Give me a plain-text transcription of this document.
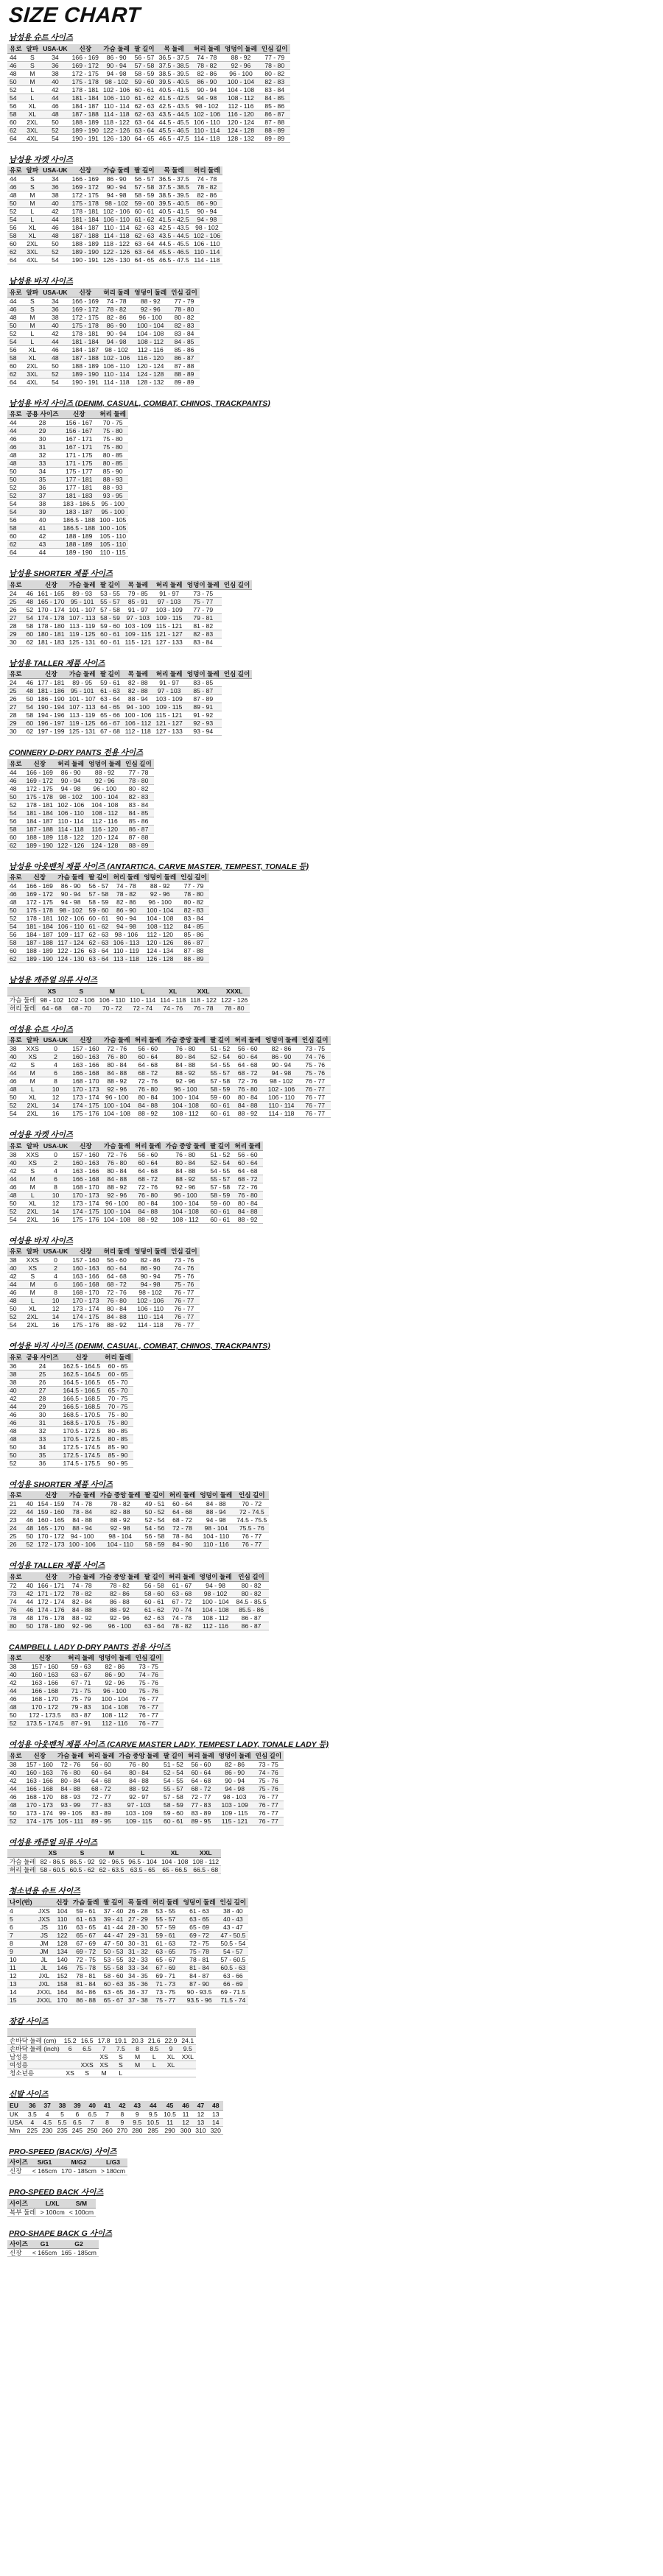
SIZE CHART
남성용 슈트 사이즈
유로	알파	USA-UK	신장	가슴 둘레	팔 길이	목 둘레	허리 둘레	엉덩이 둘레	인심 길이
44	S	34	166 - 169	86 - 90	56 - 57	36.5 - 37.5	74 - 78	88 - 92	77 - 79
46	S	36	169 - 172	90 - 94	57 - 58	37.5 - 38.5	78 - 82	92 - 96	78 - 80
48	M	38	172 - 175	94 - 98	58 - 59	38.5 - 39.5	82 - 86	96 - 100	80 - 82
50	M	40	175 - 178	98 - 102	59 - 60	39.5 - 40.5	86 - 90	100 - 104	82 - 83
52	L	42	178 - 181	102 - 106	60 - 61	40.5 - 41.5	90 - 94	104 - 108	83 - 84
54	L	44	181 - 184	106 - 110	61 - 62	41.5 - 42.5	94 - 98	108 - 112	84 - 85
56	XL	46	184 - 187	110 - 114	62 - 63	42.5 - 43.5	98 - 102	112 - 116	85 - 86
58	XL	48	187 - 188	114 - 118	62 - 63	43.5 - 44.5	102 - 106	116 - 120	86 - 87
60	2XL	50	188 - 189	118 - 122	63 - 64	44.5 - 45.5	106 - 110	120 - 124	87 - 88
62	3XL	52	189 - 190	122 - 126	63 - 64	45.5 - 46.5	110 - 114	124 - 128	88 - 89
64	4XL	54	190 - 191	126 - 130	64 - 65	46.5 - 47.5	114 - 118	128 - 132	89 - 89
남성용 자켓 사이즈
유로	알파	USA-UK	신장	가슴 둘레	팔 길이	목 둘레	허리 둘레
44	S	34	166 - 169	86 - 90	56 - 57	36.5 - 37.5	74 - 78
46	S	36	169 - 172	90 - 94	57 - 58	37.5 - 38.5	78 - 82
48	M	38	172 - 175	94 - 98	58 - 59	38.5 - 39.5	82 - 86
50	M	40	175 - 178	98 - 102	59 - 60	39.5 - 40.5	86 - 90
52	L	42	178 - 181	102 - 106	60 - 61	40.5 - 41.5	90 - 94
54	L	44	181 - 184	106 - 110	61 - 62	41.5 - 42.5	94 - 98
56	XL	46	184 - 187	110 - 114	62 - 63	42.5 - 43.5	98 - 102
58	XL	48	187 - 188	114 - 118	62 - 63	43.5 - 44.5	102 - 106
60	2XL	50	188 - 189	118 - 122	63 - 64	44.5 - 45.5	106 - 110
62	3XL	52	189 - 190	122 - 126	63 - 64	45.5 - 46.5	110 - 114
64	4XL	54	190 - 191	126 - 130	64 - 65	46.5 - 47.5	114 - 118
남성용 바지 사이즈
유로	알파	USA-UK	신장	허리 둘레	엉덩이 둘레	인심 길이
44	S	34	166 - 169	74 - 78	88 - 92	77 - 79
46	S	36	169 - 172	78 - 82	92 - 96	78 - 80
48	M	38	172 - 175	82 - 86	96 - 100	80 - 82
50	M	40	175 - 178	86 - 90	100 - 104	82 - 83
52	L	42	178 - 181	90 - 94	104 - 108	83 - 84
54	L	44	181 - 184	94 - 98	108 - 112	84 - 85
56	XL	46	184 - 187	98 - 102	112 - 116	85 - 86
58	XL	48	187 - 188	102 - 106	116 - 120	86 - 87
60	2XL	50	188 - 189	106 - 110	120 - 124	87 - 88
62	3XL	52	189 - 190	110 - 114	124 - 128	88 - 89
64	4XL	54	190 - 191	114 - 118	128 - 132	89 - 89
남성용 바지 사이즈 (DENIM, CASUAL, COMBAT, CHINOS, TRACKPANTS)
유로	공용 사이즈	신장	허리 둘레
44	28	156 - 167	70 - 75
44	29	156 - 167	75 - 80
46	30	167 - 171	75 - 80
46	31	167 - 171	75 - 80
48	32	171 - 175	80 - 85
48	33	171 - 175	80 - 85
50	34	175 - 177	85 - 90
50	35	177 - 181	88 - 93
52	36	177 - 181	88 - 93
52	37	181 - 183	93 - 95
54	38	183 - 186.5	95 - 100
54	39	183 - 187	95 - 100
56	40	186.5 - 188	100 - 105
58	41	186.5 - 188	100 - 105
60	42	188 - 189	105 - 110
62	43	188 - 189	105 - 110
64	44	189 - 190	110 - 115
남성용 SHORTER 제품 사이즈
유로		신장	가슴 둘레	팔 길이	목 둘레	허리 둘레	엉덩이 둘레	인심 길이
24	46	161 - 165	89 - 93	53 - 55	79 - 85	91 - 97	73 - 75	
25	48	165 - 170	95 - 101	55 - 57	85 - 91	97 - 103	75 - 77	
26	52	170 - 174	101 - 107	57 - 58	91 - 97	103 - 109	77 - 79	
27	54	174 - 178	107 - 113	58 - 59	97 - 103	109 - 115	79 - 81	
28	58	178 - 180	113 - 119	59 - 60	103 - 109	115 - 121	81 - 82	
29	60	180 - 181	119 - 125	60 - 61	109 - 115	121 - 127	82 - 83	
30	62	181 - 183	125 - 131	60 - 61	115 - 121	127 - 133	83 - 84	
남성용 TALLER 제품 사이즈
유로		신장	가슴 둘레	팔 길이	목 둘레	허리 둘레	엉덩이 둘레	인심 길이
24	46	177 - 181	89 - 95	59 - 61	82 - 88	91 - 97	83 - 85	
25	48	181 - 186	95 - 101	61 - 63	82 - 88	97 - 103	85 - 87	
26	50	186 - 190	101 - 107	63 - 64	88 - 94	103 - 109	87 - 89	
27	54	190 - 194	107 - 113	64 - 65	94 - 100	109 - 115	89 - 91	
28	58	194 - 196	113 - 119	65 - 66	100 - 106	115 - 121	91 - 92	
29	60	196 - 197	119 - 125	66 - 67	106 - 112	121 - 127	92 - 93	
30	62	197 - 199	125 - 131	67 - 68	112 - 118	127 - 133	93 - 94	
CONNERY D-DRY PANTS 전용 사이즈
유로	신장	허리 둘레	엉덩이 둘레	인심 길이
44	166 - 169	86 - 90	88 - 92	77 - 78
46	169 - 172	90 - 94	92 - 96	78 - 80
48	172 - 175	94 - 98	96 - 100	80 - 82
50	175 - 178	98 - 102	100 - 104	82 - 83
52	178 - 181	102 - 106	104 - 108	83 - 84
54	181 - 184	106 - 110	108 - 112	84 - 85
56	184 - 187	110 - 114	112 - 116	85 - 86
58	187 - 188	114 - 118	116 - 120	86 - 87
60	188 - 189	118 - 122	120 - 124	87 - 88
62	189 - 190	122 - 126	124 - 128	88 - 89
남성용 아웃벤처 제품 사이즈 (ANTARTICA, CARVE MASTER, TEMPEST, TONALE 등)
유로	신장	가슴 둘레	팔 길이	허리 둘레	엉덩이 둘레	인심 길이
44	166 - 169	86 - 90	56 - 57	74 - 78	88 - 92	77 - 79
46	169 - 172	90 - 94	57 - 58	78 - 82	92 - 96	78 - 80
48	172 - 175	94 - 98	58 - 59	82 - 86	96 - 100	80 - 82
50	175 - 178	98 - 102	59 - 60	86 - 90	100 - 104	82 - 83
52	178 - 181	102 - 106	60 - 61	90 - 94	104 - 108	83 - 84
54	181 - 184	106 - 110	61 - 62	94 - 98	108 - 112	84 - 85
56	184 - 187	109 - 117	62 - 63	98 - 106	112 - 120	85 - 86
58	187 - 188	117 - 124	62 - 63	106 - 113	120 - 126	86 - 87
60	188 - 189	122 - 126	63 - 64	110 - 119	124 - 134	87 - 88
62	189 - 190	124 - 130	63 - 64	113 - 118	126 - 128	88 - 89
남성용 캐쥬얼 의류 사이즈
	XS	S	M	L	XL	XXL	XXXL
가슴 둘레	98 - 102	102 - 106	106 - 110	110 - 114	114 - 118	118 - 122	122 - 126
허리 둘레	64 - 68	68 - 70	70 - 72	72 - 74	74 - 76	76 - 78	78 - 80
여성용 슈트 사이즈
유로	알파	USA-UK	신장	가슴 둘레	허리 둘레	가슴 중앙 둘레	팔 길이	허리 둘레	엉덩이 둘레	인심 길이
38	XXS	0	157 - 160	72 - 76	56 - 60	76 - 80	51 - 52	56 - 60	82 - 86	73 - 75
40	XS	2	160 - 163	76 - 80	60 - 64	80 - 84	52 - 54	60 - 64	86 - 90	74 - 76
42	S	4	163 - 166	80 - 84	64 - 68	84 - 88	54 - 55	64 - 68	90 - 94	75 - 76
44	M	6	166 - 168	84 - 88	68 - 72	88 - 92	55 - 57	68 - 72	94 - 98	75 - 76
46	M	8	168 - 170	88 - 92	72 - 76	92 - 96	57 - 58	72 - 76	98 - 102	76 - 77
48	L	10	170 - 173	92 - 96	76 - 80	96 - 100	58 - 59	76 - 80	102 - 106	76 - 77
50	XL	12	173 - 174	96 - 100	80 - 84	100 - 104	59 - 60	80 - 84	106 - 110	76 - 77
52	2XL	14	174 - 175	100 - 104	84 - 88	104 - 108	60 - 61	84 - 88	110 - 114	76 - 77
54	2XL	16	175 - 176	104 - 108	88 - 92	108 - 112	60 - 61	88 - 92	114 - 118	76 - 77
여성용 자켓 사이즈
유로	알파	USA-UK	신장	가슴 둘레	허리 둘레	가슴 중앙 둘레	팔 길이	허리 둘레
38	XXS	0	157 - 160	72 - 76	56 - 60	76 - 80	51 - 52	56 - 60
40	XS	2	160 - 163	76 - 80	60 - 64	80 - 84	52 - 54	60 - 64
42	S	4	163 - 166	80 - 84	64 - 68	84 - 88	54 - 55	64 - 68
44	M	6	166 - 168	84 - 88	68 - 72	88 - 92	55 - 57	68 - 72
46	M	8	168 - 170	88 - 92	72 - 76	92 - 96	57 - 58	72 - 76
48	L	10	170 - 173	92 - 96	76 - 80	96 - 100	58 - 59	76 - 80
50	XL	12	173 - 174	96 - 100	80 - 84	100 - 104	59 - 60	80 - 84
52	2XL	14	174 - 175	100 - 104	84 - 88	104 - 108	60 - 61	84 - 88
54	2XL	16	175 - 176	104 - 108	88 - 92	108 - 112	60 - 61	88 - 92
여성용 바지 사이즈
유로	알파	USA-UK	신장	허리 둘레	엉덩이 둘레	인심 길이
38	XXS	0	157 - 160	56 - 60	82 - 86	73 - 76
40	XS	2	160 - 163	60 - 64	86 - 90	74 - 76
42	S	4	163 - 166	64 - 68	90 - 94	75 - 76
44	M	6	166 - 168	68 - 72	94 - 98	75 - 76
46	M	8	168 - 170	72 - 76	98 - 102	76 - 77
48	L	10	170 - 173	76 - 80	102 - 106	76 - 77
50	XL	12	173 - 174	80 - 84	106 - 110	76 - 77
52	2XL	14	174 - 175	84 - 88	110 - 114	76 - 77
54	2XL	16	175 - 176	88 - 92	114 - 118	76 - 77
여성용 바지 사이즈 (DENIM, CASUAL, COMBAT, CHINOS, TRACKPANTS)
유로	공용 사이즈	신장	허리 둘레
36	24	162.5 - 164.5	60 - 65
38	25	162.5 - 164.5	60 - 65
38	26	164.5 - 166.5	65 - 70
40	27	164.5 - 166.5	65 - 70
42	28	166.5 - 168.5	70 - 75
44	29	166.5 - 168.5	70 - 75
46	30	168.5 - 170.5	75 - 80
46	31	168.5 - 170.5	75 - 80
48	32	170.5 - 172.5	80 - 85
48	33	170.5 - 172.5	80 - 85
50	34	172.5 - 174.5	85 - 90
50	35	172.5 - 174.5	85 - 90
52	36	174.5 - 175.5	90 - 95
여성용 SHORTER 제품 사이즈
유로		신장	가슴 둘레	가슴 중앙 둘레	팔 길이	허리 둘레	엉덩이 둘레	인심 길이
21	40	154 - 159	74 - 78	78 - 82	49 - 51	60 - 64	84 - 88	70 - 72
22	44	159 - 160	78 - 84	82 - 88	50 - 52	64 - 68	88 - 94	72 - 74.5
23	46	160 - 165	84 - 88	88 - 92	52 - 54	68 - 72	94 - 98	74.5 - 75.5
24	48	165 - 170	88 - 94	92 - 98	54 - 56	72 - 78	98 - 104	75.5 - 76
25	50	170 - 172	94 - 100	98 - 104	56 - 58	78 - 84	104 - 110	76 - 77
26	52	172 - 173	100 - 106	104 - 110	58 - 59	84 - 90	110 - 116	76 - 77
여성용 TALLER 제품 사이즈
유로		신장	가슴 둘레	가슴 중앙 둘레	팔 길이	허리 둘레	엉덩이 둘레	인심 길이
72	40	166 - 171	74 - 78	78 - 82	56 - 58	61 - 67	94 - 98	80 - 82
73	42	171 - 172	78 - 82	82 - 86	58 - 60	63 - 68	98 - 102	80 - 82
74	44	172 - 174	82 - 84	86 - 88	60 - 61	67 - 72	100 - 104	84.5 - 85.5
76	46	174 - 176	84 - 88	88 - 92	61 - 62	70 - 74	104 - 108	85.5 - 86
78	48	176 - 178	88 - 92	92 - 96	62 - 63	74 - 78	108 - 112	86 - 87
80	50	178 - 180	92 - 96	96 - 100	63 - 64	78 - 82	112 - 116	86 - 87
CAMPBELL LADY D-DRY PANTS 전용 사이즈
유로	신장	허리 둘레	엉덩이 둘레	인심 길이
38	157 - 160	59 - 63	82 - 86	73 - 75
40	160 - 163	63 - 67	86 - 90	74 - 76
42	163 - 166	67 - 71	92 - 96	75 - 76
44	166 - 168	71 - 75	96 - 100	75 - 76
46	168 - 170	75 - 79	100 - 104	76 - 77
48	170 - 172	79 - 83	104 - 108	76 - 77
50	172 - 173.5	83 - 87	108 - 112	76 - 77
52	173.5 - 174.5	87 - 91	112 - 116	76 - 77
여성용 아웃벤처 제품 사이즈 (CARVE MASTER LADY, TEMPEST LADY, TONALE LADY 등)
유로	신장	가슴 둘레	허리 둘레	가슴 중앙 둘레	팔 길이	허리 둘레	엉덩이 둘레	인심 길이
38	157 - 160	72 - 76	56 - 60	76 - 80	51 - 52	56 - 60	82 - 86	73 - 75
40	160 - 163	76 - 80	60 - 64	80 - 84	52 - 54	60 - 64	86 - 90	74 - 76
42	163 - 166	80 - 84	64 - 68	84 - 88	54 - 55	64 - 68	90 - 94	75 - 76
44	166 - 168	84 - 88	68 - 72	88 - 92	55 - 57	68 - 72	94 - 98	75 - 76
46	168 - 170	88 - 93	72 - 77	92 - 97	57 - 58	72 - 77	98 - 103	76 - 77
48	170 - 173	93 - 99	77 - 83	97 - 103	58 - 59	77 - 83	103 - 109	76 - 77
50	173 - 174	99 - 105	83 - 89	103 - 109	59 - 60	83 - 89	109 - 115	76 - 77
52	174 - 175	105 - 111	89 - 95	109 - 115	60 - 61	89 - 95	115 - 121	76 - 77
여성용 캐쥬얼 의류 사이즈
	XS	S	M	L	XL	XXL
가슴 둘레	82 - 86.5	86.5 - 92	92 - 96.5	96.5 - 104	104 - 108	108 - 112
허리 둘레	58 - 60.5	60.5 - 62	62 - 63.5	63.5 - 65	65 - 66.5	66.5 - 68
청소년용 슈트 사이즈
나이(번)		신장	가슴 둘레	팔 길이	목 둘레	허리 둘레	엉덩이 둘레	인심 길이
4	JXS	104	59 - 61	37 - 40	26 - 28	53 - 55	61 - 63	38 - 40
5	JXS	110	61 - 63	39 - 41	27 - 29	55 - 57	63 - 65	40 - 43
6	JS	116	63 - 65	41 - 44	28 - 30	57 - 59	65 - 69	43 - 47
7	JS	122	65 - 67	44 - 47	29 - 31	59 - 61	69 - 72	47 - 50.5
8	JM	128	67 - 69	47 - 50	30 - 31	61 - 63	72 - 75	50.5 - 54
9	JM	134	69 - 72	50 - 53	31 - 32	63 - 65	75 - 78	54 - 57
10	JL	140	72 - 75	53 - 55	32 - 33	65 - 67	78 - 81	57 - 60.5
11	JL	146	75 - 78	55 - 58	33 - 34	67 - 69	81 - 84	60.5 - 63
12	JXL	152	78 - 81	58 - 60	34 - 35	69 - 71	84 - 87	63 - 66
13	JXL	158	81 - 84	60 - 63	35 - 36	71 - 73	87 - 90	66 - 69
14	JXXL	164	84 - 86	63 - 65	36 - 37	73 - 75	90 - 93.5	69 - 71.5
15	JXXL	170	86 - 88	65 - 67	37 - 38	75 - 77	93.5 - 96	71.5 - 74
장갑 사이즈

손바닥 둘레 (cm)	15.2	16.5	17.8	19.1	20.3	21.6	22.9	24.1
손바닥 둘레 (inch)	6	6.5	7	7.5	8	8.5	9	9.5
남성용			XS	S	M	L	XL	XXL
여성용		XXS	XS	S	M	L	XL	
청소년용	XS	S	M	L				
신발 사이즈
EU	36	37	38	39	40	41	42	43	44	45	46	47	48
UK	3.5	4	5	6	6.5	7	8	9	9.5	10.5	11	12	13
USA	4	4.5	5.5	6.5	7	8	9	9.5	10.5	11	12	13	14
Mm	225	230	235	245	250	260	270	280	285	290	300	310	320
PRO-SPEED (BACK/G) 사이즈
사이즈	S/G1	M/G2	L/G3
신장	< 165cm	170 - 185cm	> 180cm
PRO-SPEED BACK 사이즈
사이즈	L/XL	S/M
복부 둘레	> 100cm	< 100cm
PRO-SHAPE BACK G 사이즈
사이즈	G1	G2
신장	< 165cm	165 - 185cm
